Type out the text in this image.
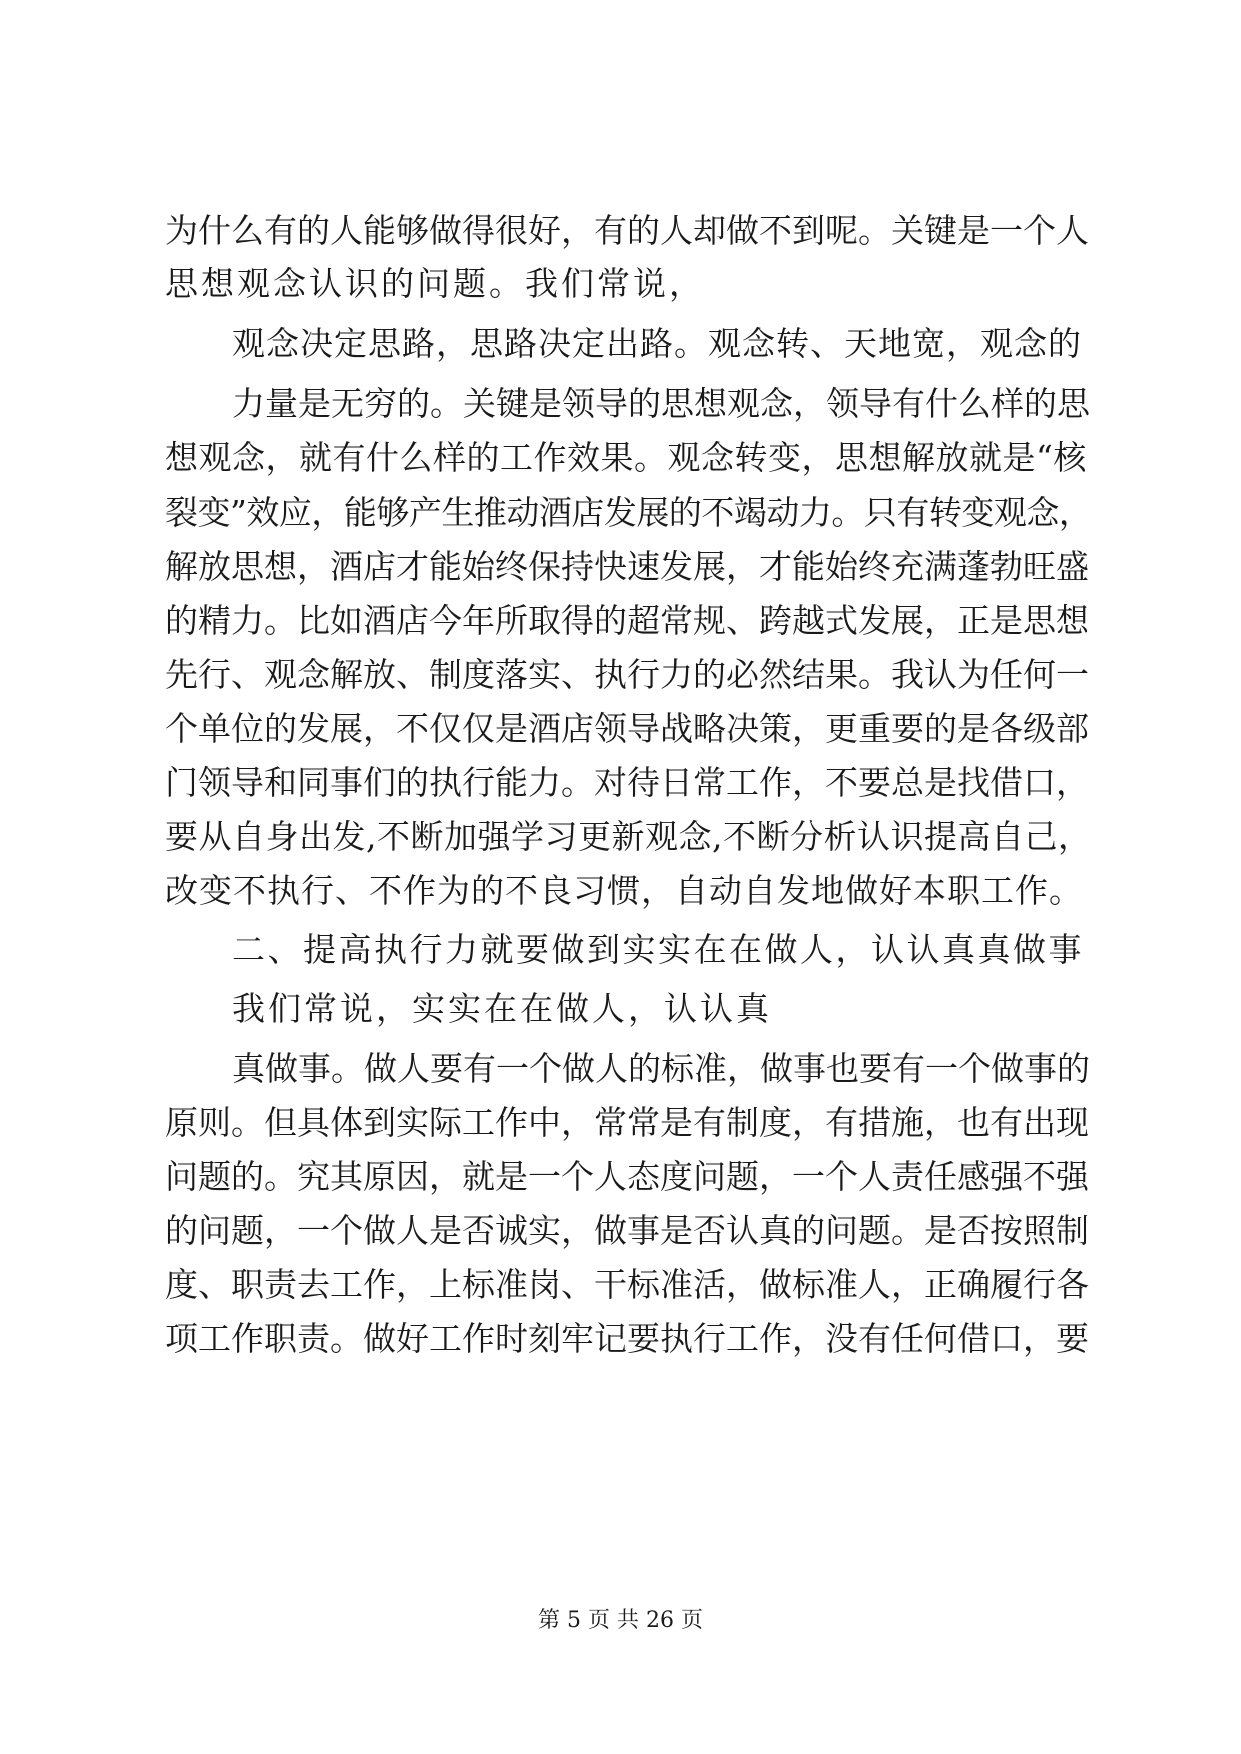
为什么有的人能够做得很好，有的人却做不到呢。关键是一个人
思想观念认识的问题。我们常说，
观念决定思路，思路决定出路。观念转、天地宽，观念的
力量是无穷的。关键是领导的思想观念，领导有什么样的思
想观念，就有什么样的工作效果。观念转变，思想解放就是“核
裂变”效应，能够产生推动酒店发展的不竭动力。只有转变观念，
解放思想，酒店才能始终保持快速发展，才能始终充满蓬勃旺盛
的精力。比如酒店今年所取得的超常规、跨越式发展，正是思想
先行、观念解放、制度落实、执行力的必然结果。我认为任何一
个单位的发展，不仅仅是酒店领导战略决策，更重要的是各级部
门领导和同事们的执行能力。对待日常工作，不要总是找借口，
要从自身出发,不断加强学习更新观念,不断分析认识提高自己，
改变不执行、不作为的不良习惯，自动自发地做好本职工作。
二、提高执行力就要做到实实在在做人，认认真真做事
我们常说，实实在在做人，认认真
真做事。做人要有一个做人的标准，做事也要有一个做事的
原则。但具体到实际工作中，常常是有制度，有措施，也有出现
问题的。究其原因，就是一个人态度问题，一个人责任感强不强
的问题，一个做人是否诚实，做事是否认真的问题。是否按照制
度、职责去工作，上标准岗、干标准活，做标准人，正确履行各
项工作职责。做好工作时刻牢记要执行工作，没有任何借口，要
第 5 页 共 26 页
